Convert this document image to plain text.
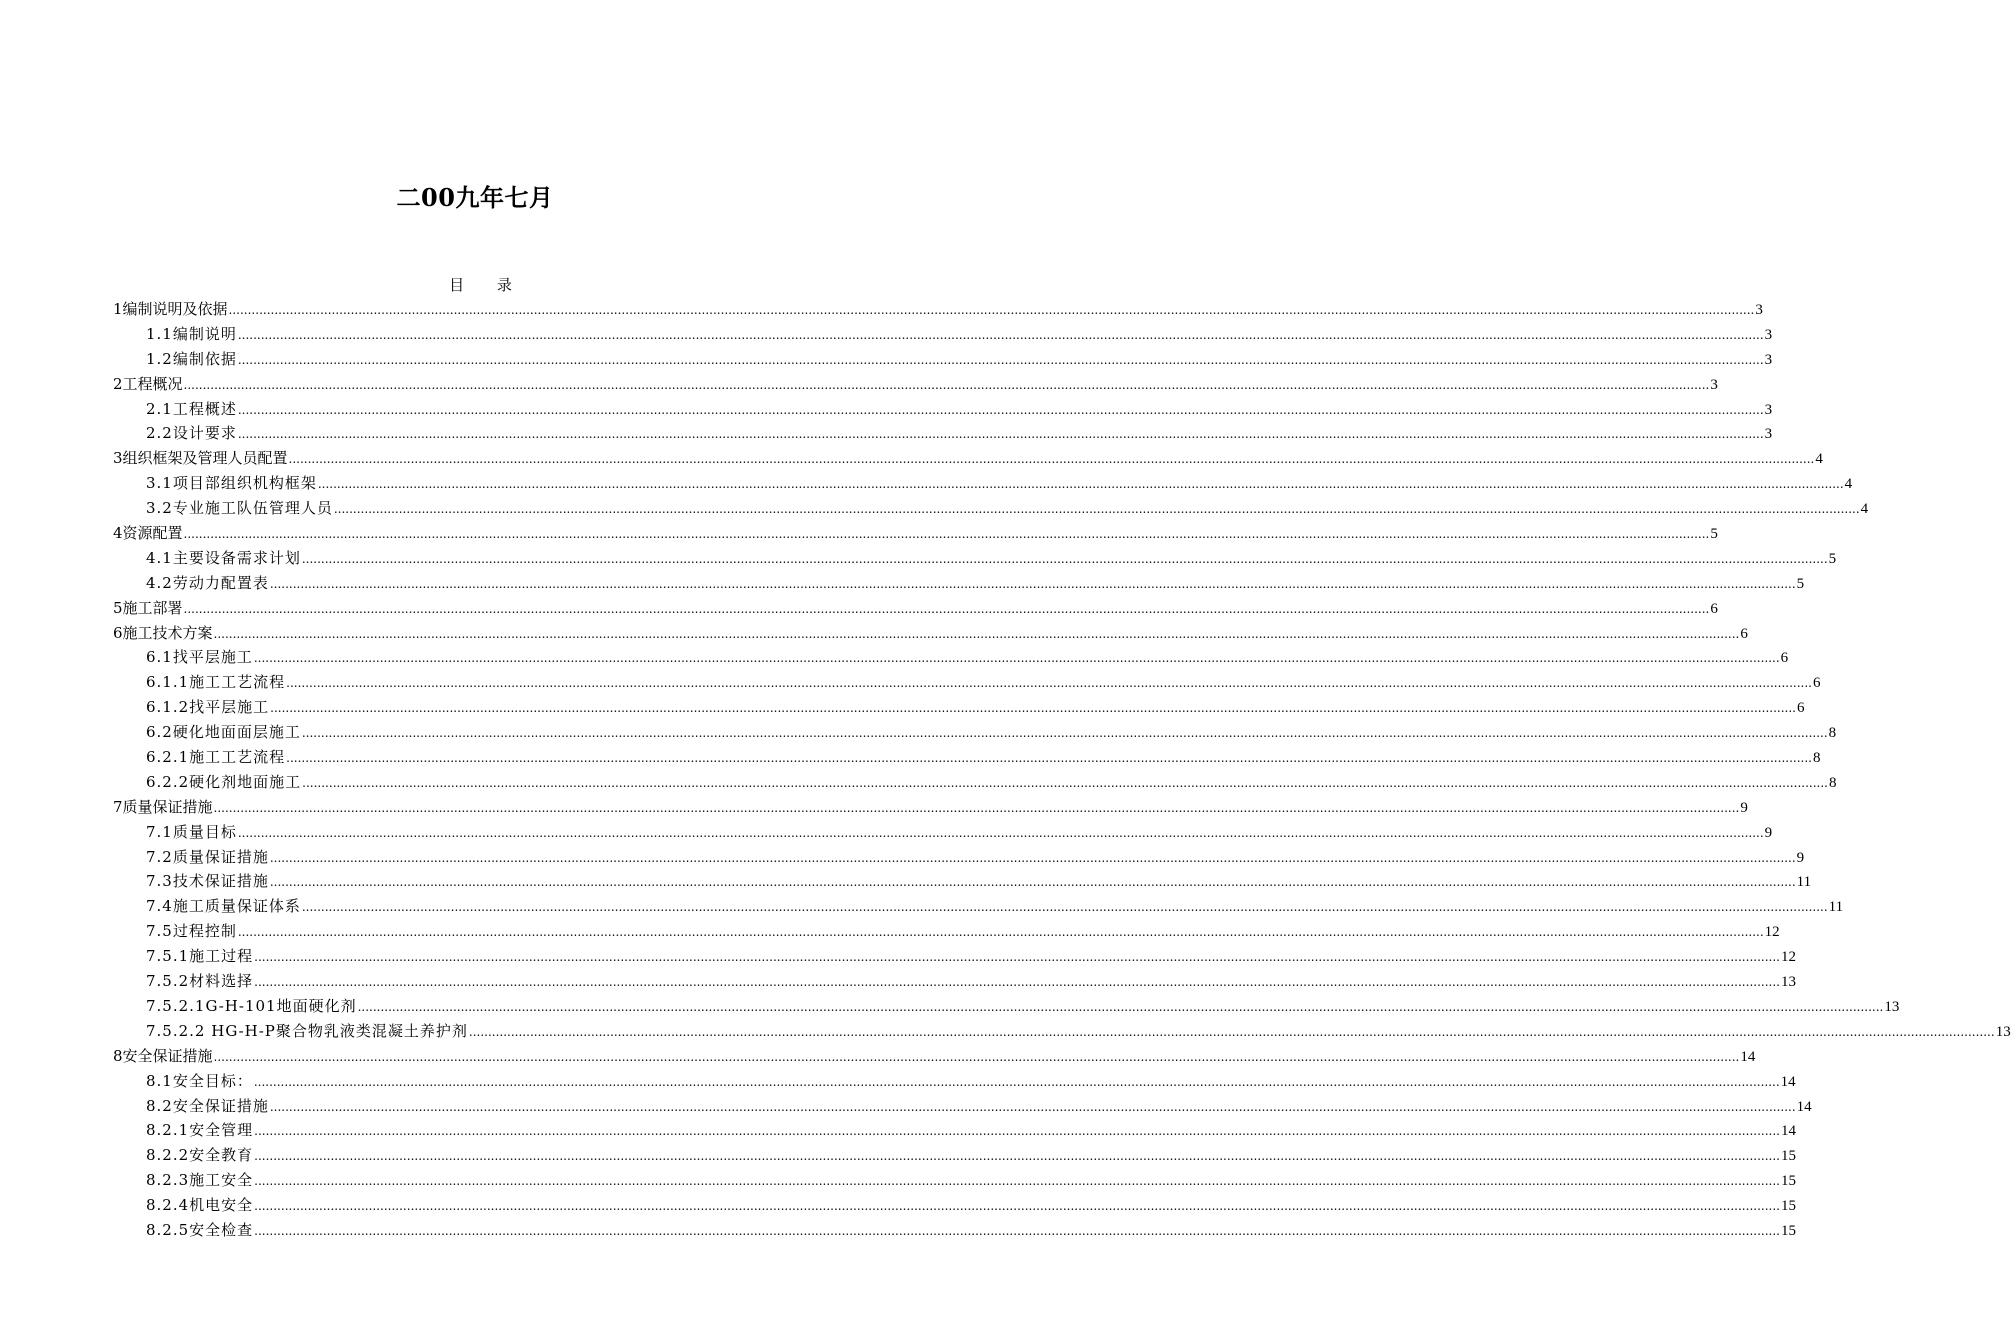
二00九年七月
目 录
1编制说明及依据 ................................................................................................................................................................................................................................................................................................................................................................................................................ 3
1.1编制说明 ................................................................................................................................................................................................................................................................................................................................................................................................................ 3
1.2编制依据 ................................................................................................................................................................................................................................................................................................................................................................................................................ 3
2工程概况 ................................................................................................................................................................................................................................................................................................................................................................................................................ 3
2.1工程概述 ................................................................................................................................................................................................................................................................................................................................................................................................................ 3
2.2设计要求 ................................................................................................................................................................................................................................................................................................................................................................................................................ 3
3组织框架及管理人员配置 ................................................................................................................................................................................................................................................................................................................................................................................................................ 4
3.1项目部组织机构框架 ................................................................................................................................................................................................................................................................................................................................................................................................................ 4
3.2专业施工队伍管理人员 ................................................................................................................................................................................................................................................................................................................................................................................................................ 4
4资源配置 ................................................................................................................................................................................................................................................................................................................................................................................................................ 5
4.1主要设备需求计划 ................................................................................................................................................................................................................................................................................................................................................................................................................ 5
4.2劳动力配置表 ................................................................................................................................................................................................................................................................................................................................................................................................................ 5
5施工部署 ................................................................................................................................................................................................................................................................................................................................................................................................................ 6
6施工技术方案 ................................................................................................................................................................................................................................................................................................................................................................................................................ 6
6.1找平层施工 ................................................................................................................................................................................................................................................................................................................................................................................................................ 6
6.1.1施工工艺流程 ................................................................................................................................................................................................................................................................................................................................................................................................................ 6
6.1.2找平层施工 ................................................................................................................................................................................................................................................................................................................................................................................................................ 6
6.2硬化地面面层施工 ................................................................................................................................................................................................................................................................................................................................................................................................................ 8
6.2.1施工工艺流程 ................................................................................................................................................................................................................................................................................................................................................................................................................ 8
6.2.2硬化剂地面施工 ................................................................................................................................................................................................................................................................................................................................................................................................................ 8
7质量保证措施 ................................................................................................................................................................................................................................................................................................................................................................................................................ 9
7.1质量目标 ................................................................................................................................................................................................................................................................................................................................................................................................................ 9
7.2质量保证措施 ................................................................................................................................................................................................................................................................................................................................................................................................................ 9
7.3技术保证措施 ................................................................................................................................................................................................................................................................................................................................................................................................................ 11
7.4施工质量保证体系 ................................................................................................................................................................................................................................................................................................................................................................................................................ 11
7.5过程控制 ................................................................................................................................................................................................................................................................................................................................................................................................................ 12
7.5.1施工过程 ................................................................................................................................................................................................................................................................................................................................................................................................................ 12
7.5.2材料选择 ................................................................................................................................................................................................................................................................................................................................................................................................................ 13
7.5.2.1G-H-101地面硬化剂 ................................................................................................................................................................................................................................................................................................................................................................................................................ 13
7.5.2.2 HG-H-P聚合物乳液类混凝土养护剂 ................................................................................................................................................................................................................................................................................................................................................................................................................ 13
8安全保证措施 ................................................................................................................................................................................................................................................................................................................................................................................................................ 14
8.1安全目标： ................................................................................................................................................................................................................................................................................................................................................................................................................ 14
8.2安全保证措施 ................................................................................................................................................................................................................................................................................................................................................................................................................ 14
8.2.1安全管理 ................................................................................................................................................................................................................................................................................................................................................................................................................ 14
8.2.2安全教育 ................................................................................................................................................................................................................................................................................................................................................................................................................ 15
8.2.3施工安全 ................................................................................................................................................................................................................................................................................................................................................................................................................ 15
8.2.4机电安全 ................................................................................................................................................................................................................................................................................................................................................................................................................ 15
8.2.5安全检查 ................................................................................................................................................................................................................................................................................................................................................................................................................ 15
